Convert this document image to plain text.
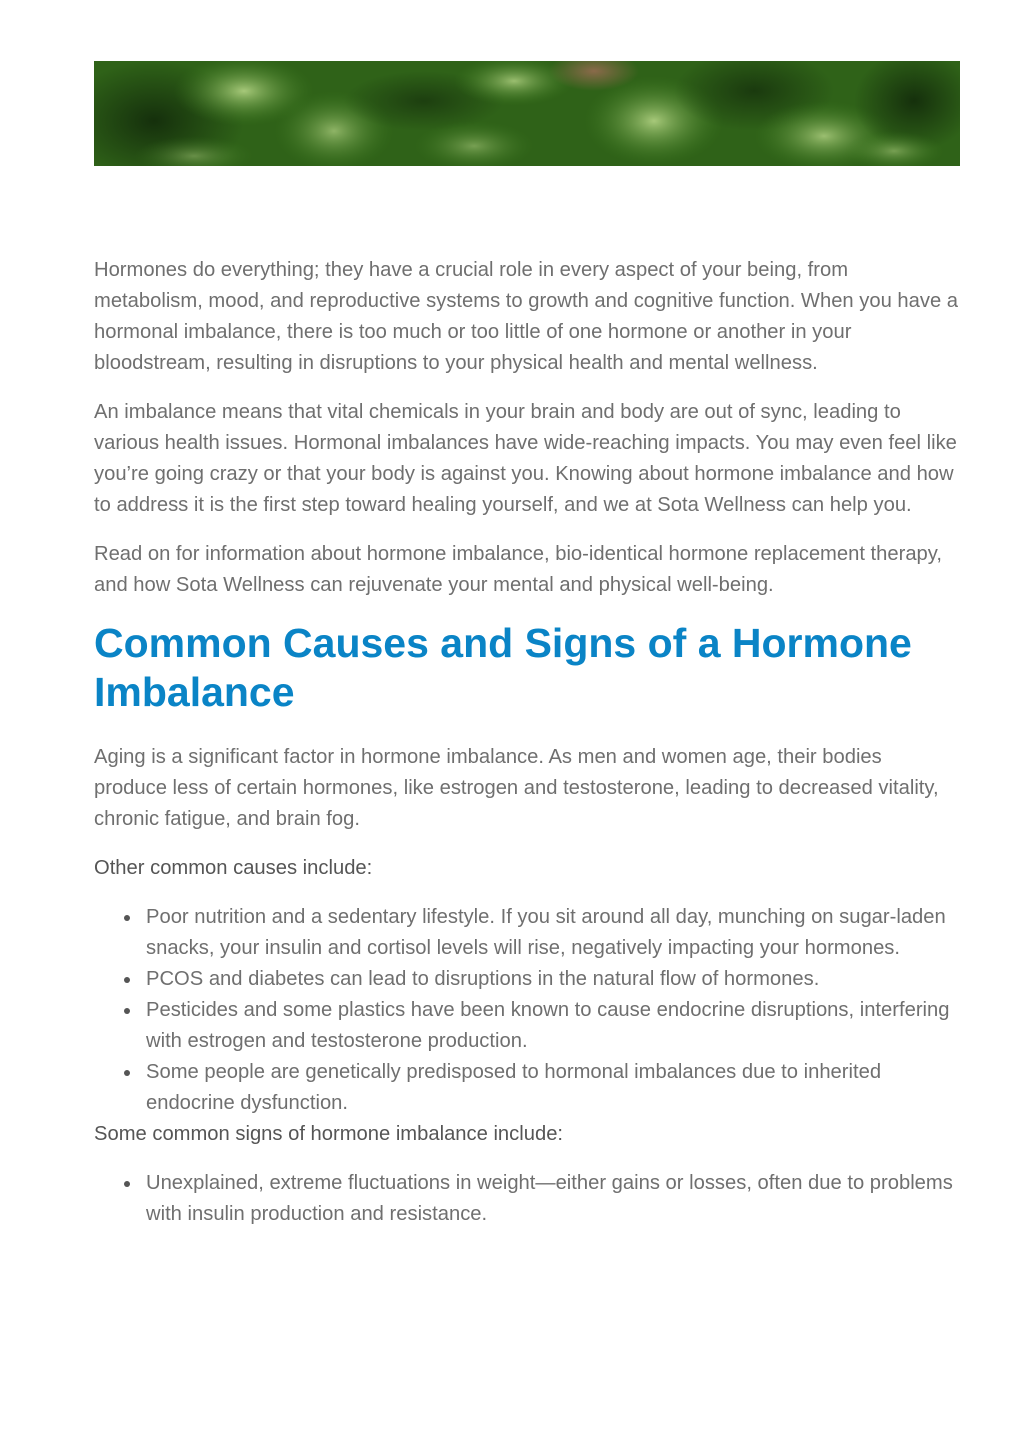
Hormones do everything; they have a crucial role in every aspect of your being, from metabolism, mood, and reproductive systems to growth and cognitive function. When you have a hormonal imbalance, there is too much or too little of one hormone or another in your bloodstream, resulting in disruptions to your physical health and mental wellness.

An imbalance means that vital chemicals in your brain and body are out of sync, leading to various health issues. Hormonal imbalances have wide-reaching impacts. You may even feel like you’re going crazy or that your body is against you. Knowing about hormone imbalance and how to address it is the first step toward healing yourself, and we at Sota Wellness can help you.

Read on for information about hormone imbalance, bio-identical hormone replacement therapy, and how Sota Wellness can rejuvenate your mental and physical well-being.

Common Causes and Signs of a Hormone Imbalance

Aging is a significant factor in hormone imbalance. As men and women age, their bodies produce less of certain hormones, like estrogen and testosterone, leading to decreased vitality, chronic fatigue, and brain fog.

Other common causes include:

Poor nutrition and a sedentary lifestyle. If you sit around all day, munching on sugar-laden snacks, your insulin and cortisol levels will rise, negatively impacting your hormones.
PCOS and diabetes can lead to disruptions in the natural flow of hormones.
Pesticides and some plastics have been known to cause endocrine disruptions, interfering with estrogen and testosterone production.
Some people are genetically predisposed to hormonal imbalances due to inherited endocrine dysfunction.

Some common signs of hormone imbalance include:

Unexplained, extreme fluctuations in weight—either gains or losses, often due to problems with insulin production and resistance.
